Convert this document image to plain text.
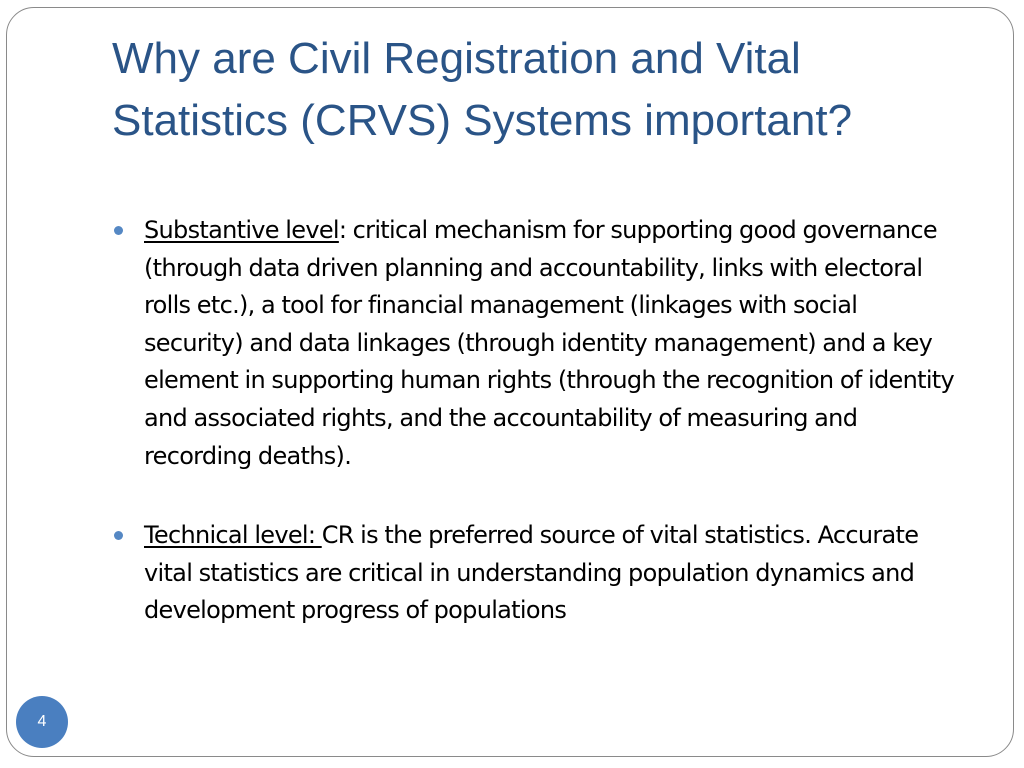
Why are Civil Registration and Vital Statistics (CRVS) Systems important?
Substantive level: critical mechanism for supporting good governance (through data driven planning and accountability, links with electoral rolls etc.), a tool for financial management (linkages with social security) and data linkages (through identity management) and a key element in supporting human rights (through the recognition of identity and associated rights, and the accountability of measuring and recording deaths).
Technical level: CR is the preferred source of vital statistics. Accurate vital statistics are critical in understanding population dynamics and development progress of populations
4
